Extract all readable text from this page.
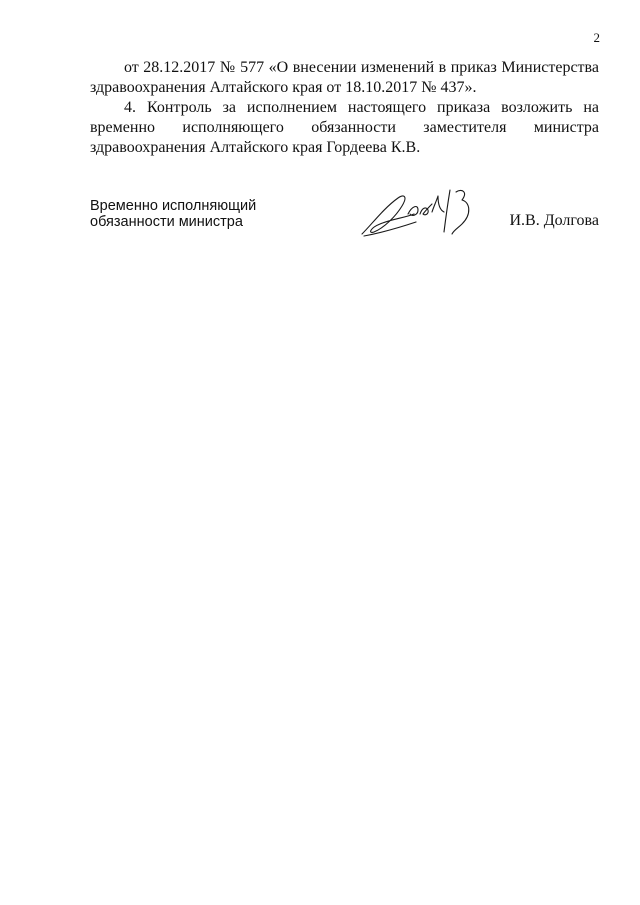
2

от 28.12.2017 № 577 «О внесении изменений в приказ Министерства
здравоохранения Алтайского края от 18.10.2017 № 437».

4. Контроль за исполнением настоящего приказа возложить на
временно исполняющего обязанности заместителя министра
здравоохранения Алтайского края Гордеева К.В.

Временно исполняющий
обязанности министра	И.В. Долгова
